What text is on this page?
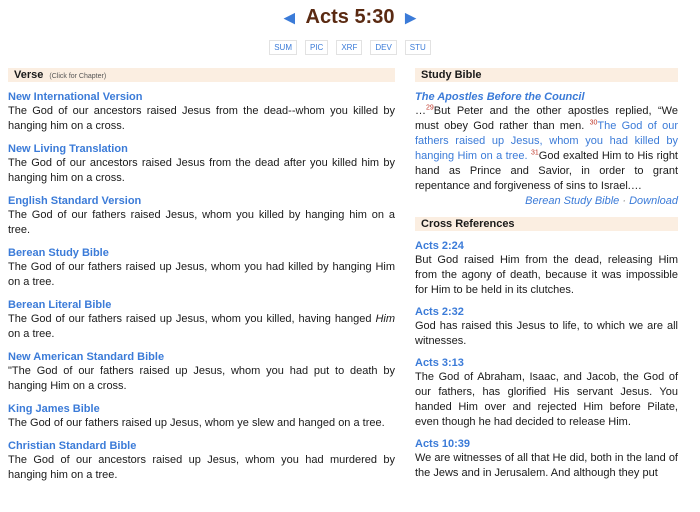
◀ Acts 5:30 ▶
SUM PIC XRF DEV STU
Verse (Click for Chapter)
New International Version
The God of our ancestors raised Jesus from the dead--whom you killed by hanging him on a cross.
New Living Translation
The God of our ancestors raised Jesus from the dead after you killed him by hanging him on a cross.
English Standard Version
The God of our fathers raised Jesus, whom you killed by hanging him on a tree.
Berean Study Bible
The God of our fathers raised up Jesus, whom you had killed by hanging Him on a tree.
Berean Literal Bible
The God of our fathers raised up Jesus, whom you killed, having hanged Him on a tree.
New American Standard Bible
"The God of our fathers raised up Jesus, whom you had put to death by hanging Him on a cross.
King James Bible
The God of our fathers raised up Jesus, whom ye slew and hanged on a tree.
Christian Standard Bible
The God of our ancestors raised up Jesus, whom you had murdered by hanging him on a tree.
Study Bible
The Apostles Before the Council
…$^{29}$But Peter and the other apostles replied, “We must obey God rather than men. $^{30}$The God of our fathers raised up Jesus, whom you had killed by hanging Him on a tree. $^{31}$God exalted Him to His right hand as Prince and Savior, in order to grant repentance and forgiveness of sins to Israel.…
Berean Study Bible · Download
Cross References
Acts 2:24
But God raised Him from the dead, releasing Him from the agony of death, because it was impossible for Him to be held in its clutches.
Acts 2:32
God has raised this Jesus to life, to which we are all witnesses.
Acts 3:13
The God of Abraham, Isaac, and Jacob, the God of our fathers, has glorified His servant Jesus. You handed Him over and rejected Him before Pilate, even though he had decided to release Him.
Acts 10:39
We are witnesses of all that He did, both in the land of the Jews and in Jerusalem. And although they put
